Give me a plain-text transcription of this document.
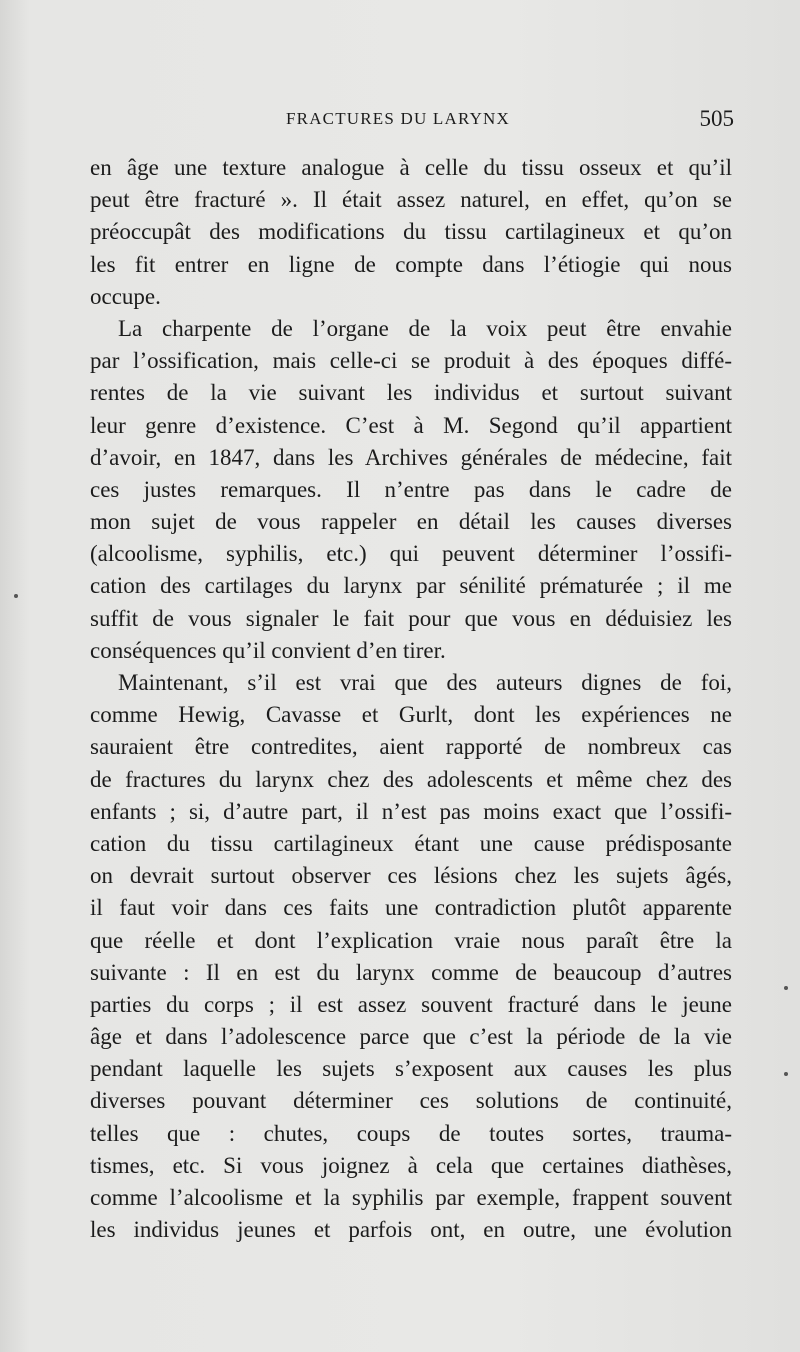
FRACTURES DU LARYNX	505
en âge une texture analogue à celle du tissu osseux et qu’il
peut être fracturé ». Il était assez naturel, en effet, qu’on se
préoccupât des modifications du tissu cartilagineux et qu’on
les fit entrer en ligne de compte dans l’étiogie qui nous
occupe.
La charpente de l’organe de la voix peut être envahie
par l’ossification, mais celle-ci se produit à des époques diffé-
rentes de la vie suivant les individus et surtout suivant
leur genre d’existence. C’est à M. Segond qu’il appartient
d’avoir, en 1847, dans les Archives générales de médecine, fait
ces justes remarques. Il n’entre pas dans le cadre de
mon sujet de vous rappeler en détail les causes diverses
(alcoolisme, syphilis, etc.) qui peuvent déterminer l’ossifi-
cation des cartilages du larynx par sénilité prématurée ; il me
suffit de vous signaler le fait pour que vous en déduisiez les
conséquences qu’il convient d’en tirer.
Maintenant, s’il est vrai que des auteurs dignes de foi,
comme Hewig, Cavasse et Gurlt, dont les expériences ne
sauraient être contredites, aient rapporté de nombreux cas
de fractures du larynx chez des adolescents et même chez des
enfants ; si, d’autre part, il n’est pas moins exact que l’ossifi-
cation du tissu cartilagineux étant une cause prédisposante
on devrait surtout observer ces lésions chez les sujets âgés,
il faut voir dans ces faits une contradiction plutôt apparente
que réelle et dont l’explication vraie nous paraît être la
suivante : Il en est du larynx comme de beaucoup d’autres
parties du corps ; il est assez souvent fracturé dans le jeune
âge et dans l’adolescence parce que c’est la période de la vie
pendant laquelle les sujets s’exposent aux causes les plus
diverses pouvant déterminer ces solutions de continuité,
telles que : chutes, coups de toutes sortes, trauma-
tismes, etc. Si vous joignez à cela que certaines diathèses,
comme l’alcoolisme et la syphilis par exemple, frappent souvent
les individus jeunes et parfois ont, en outre, une évolution
